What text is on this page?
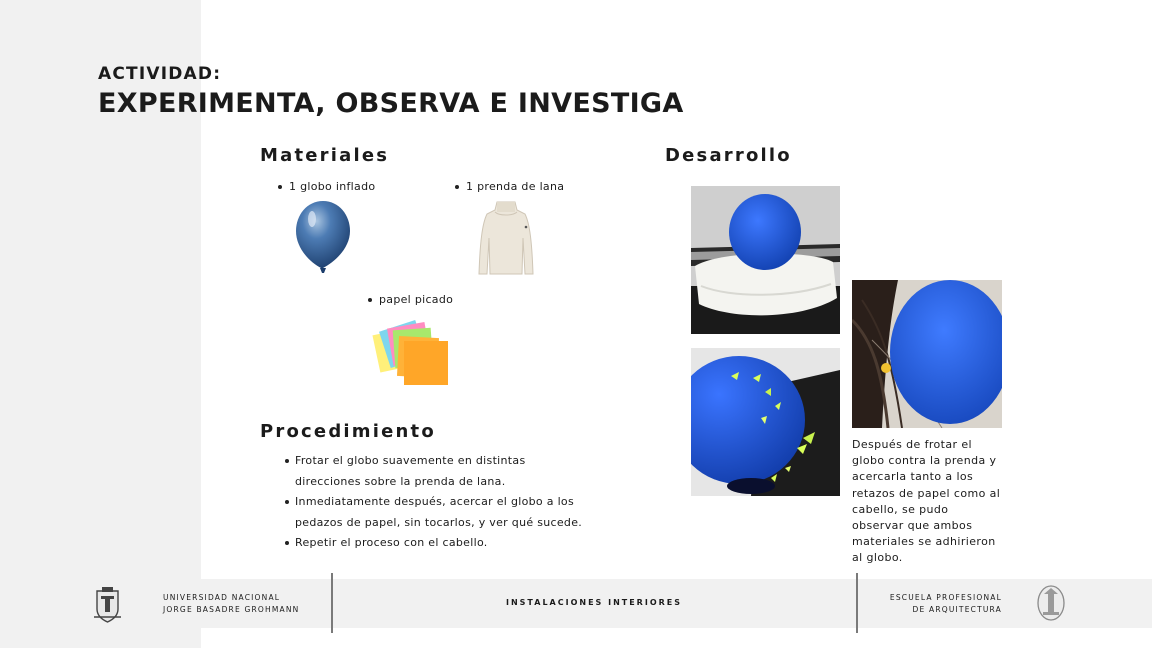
ACTIVIDAD:
EXPERIMENTA, OBSERVA E INVESTIGA
Materiales
1 globo inflado	1 prenda de lana
papel picado
Procedimiento
Frotar el globo suavemente en distintas direcciones sobre la prenda de lana.
Inmediatamente después, acercar el globo a los pedazos de papel, sin tocarlos, y ver qué sucede.
Repetir el proceso con el cabello.
Desarrollo
Después de frotar el globo contra la prenda y acercarla tanto a los retazos de papel como al cabello, se pudo observar que ambos materiales se adhirieron al globo.
UNIVERSIDAD NACIONAL
JORGE BASADRE GROHMANN
INSTALACIONES INTERIORES
ESCUELA PROFESIONAL
DE ARQUITECTURA
